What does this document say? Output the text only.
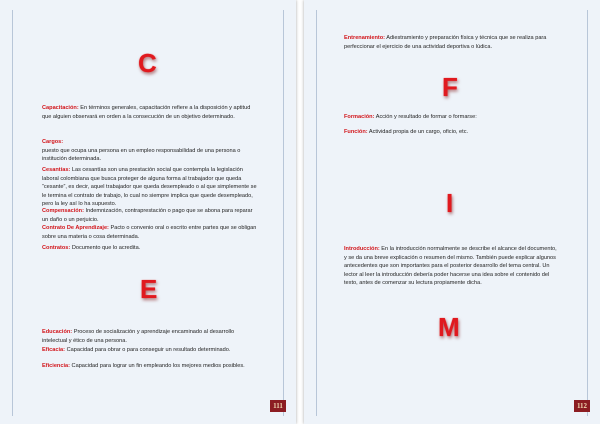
C
Capacitación: En términos generales, capacitación refiere a la disposición y aptitud que alguien observará en orden a la consecución de un objetivo determinado.
Cargos:
puesto que ocupa una persona en un empleo responsabilidad de una persona o institución determinada.
Cesantías: Las cesantías son una prestación social que contempla la legislación laboral colombiana que busca proteger de alguna forma al trabajador que queda “cesante”, es decir, aquel trabajador que queda desempleado o al que simplemente se le termina el contrato de trabajo, lo cual no siempre implica que quede desempleado, pero la ley así lo ha supuesto.
Compensación: Indemnización, contraprestación o pago que se abona para reparar un daño o un perjuicio.
Contrato De Aprendizaje: Pacto o convenio oral o escrito entre partes que se obligan sobre una materia o cosa determinada.
Contratos: Documento que lo acredita.
E
Educación: Proceso de socialización y aprendizaje encaminado al desarrollo intelectual y ético de una persona.
Eficacia: Capacidad para obrar o para conseguir un resultado determinado.
Eficiencia: Capacidad para lograr un fin empleando los mejores medios posibles.
111
Entrenamiento: Adiestramiento y preparación física y técnica que se realiza para perfeccionar el ejercicio de una actividad deportiva o lúdica.
F
Formación: Acción y resultado de formar o formarse:
Función: Actividad propia de un cargo, oficio, etc.
I
Introducción: En la introducción normalmente se describe el alcance del documento, y se da una breve explicación o resumen del mismo. También puede explicar algunos antecedentes que son importantes para el posterior desarrollo del tema central. Un lector al leer la introducción debería poder hacerse una idea sobre el contenido del texto, antes de comenzar su lectura propiamente dicha.
M
112
